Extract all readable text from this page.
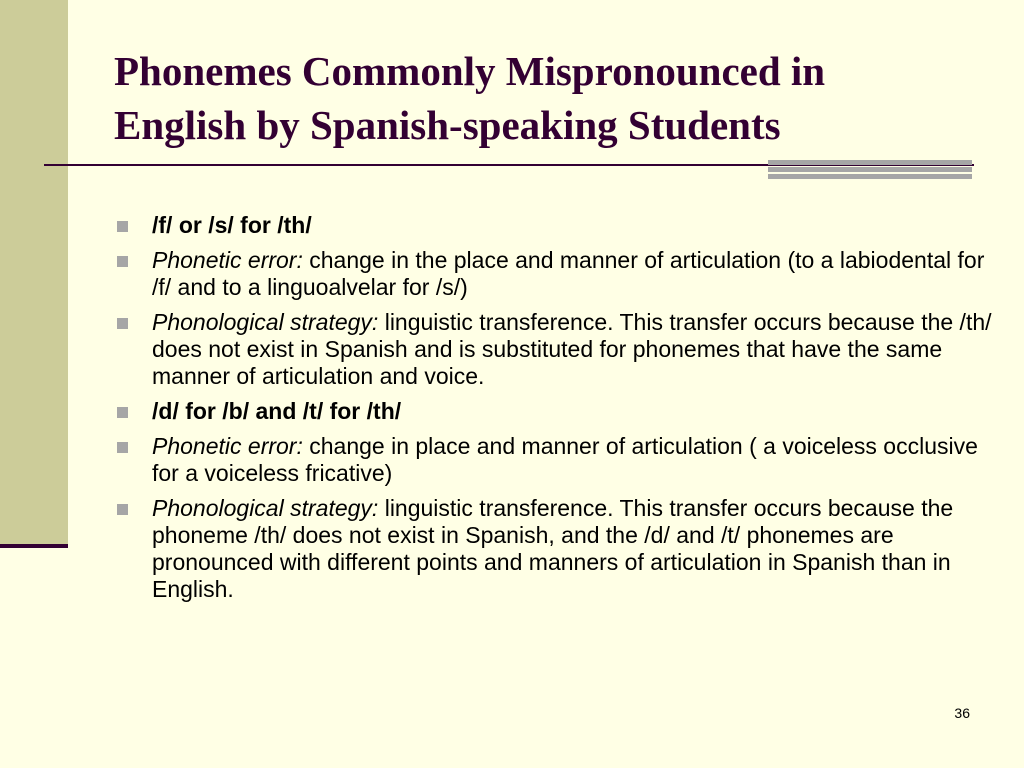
Phonemes Commonly Mispronounced in
English by Spanish-speaking Students
/f/ or /s/ for /th/
Phonetic error: change in the place and manner of articulation (to a labiodental for /f/ and to a linguoalvelar for /s/)
Phonological strategy: linguistic transference. This transfer occurs because the /th/ does not exist in Spanish and is substituted for phonemes that have the same manner of articulation and voice.
/d/ for /b/ and /t/ for /th/
Phonetic error: change in place and manner of articulation ( a voiceless occlusive for a voiceless fricative)
Phonological strategy: linguistic transference. This transfer occurs because the phoneme /th/ does not exist in Spanish, and the /d/ and /t/ phonemes are pronounced with different points and manners of articulation in Spanish than in English.
36
